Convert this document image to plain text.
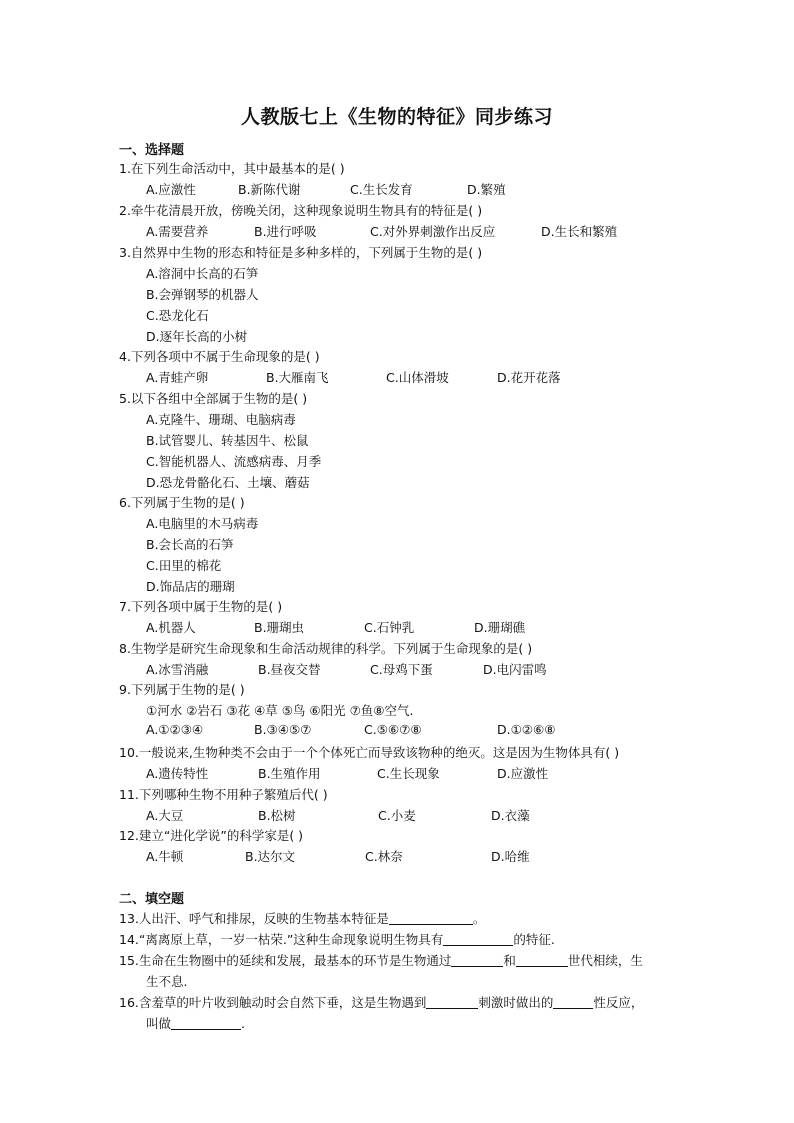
人教版七上《生物的特征》同步练习
一、选择题
1.在下列生命活动中，其中最基本的是( )
A.应激性	B.新陈代谢	C.生长发育	D.繁殖
2.牵牛花清晨开放，傍晚关闭，这种现象说明生物具有的特征是( )
A.需要营养	B.进行呼吸	C.对外界刺激作出反应	D.生长和繁殖
3.自然界中生物的形态和特征是多种多样的，下列属于生物的是( )
A.溶洞中长高的石笋
B.会弹钢琴的机器人
C.恐龙化石
D.逐年长高的小树
4.下列各项中不属于生命现象的是( )
A.青蛙产卵	B.大雁南飞	C.山体滑坡	D.花开花落
5.以下各组中全部属于生物的是( )
A.克隆牛、珊瑚、电脑病毒
B.试管婴儿、转基因牛、松鼠
C.智能机器人、流感病毒、月季
D.恐龙骨骼化石、土壤、蘑菇
6.下列属于生物的是( )
A.电脑里的木马病毒
B.会长高的石笋
C.田里的棉花
D.饰品店的珊瑚
7.下列各项中属于生物的是( )
A.机器人	B.珊瑚虫	C.石钟乳	D.珊瑚礁
8.生物学是研究生命现象和生命活动规律的科学。下列属于生命现象的是( )
A.冰雪消融	B.昼夜交替	C.母鸡下蛋	D.电闪雷鸣
9.下列属于生物的是( )
①河水 ②岩石 ③花 ④草 ⑤鸟 ⑥阳光 ⑦鱼⑧空气.
A.①②③④	B.③④⑤⑦	C.⑤⑥⑦⑧	D.①②⑥⑧
10.一般说来,生物种类不会由于一个个体死亡而导致该物种的绝灭。这是因为生物体具有( )
A.遗传特性	B.生殖作用	C.生长现象	D.应激性
11.下列哪种生物不用种子繁殖后代( )
A.大豆	B.松树	C.小麦	D.衣藻
12.建立“进化学说”的科学家是( )
A.牛顿	B.达尔文	C.林奈	D.哈维
二、填空题
13.人出汗、呼气和排尿，反映的生物基本特征是	。
14.“离离原上草，一岁一枯荣.”这种生命现象说明生物具有	的特征.
15.生命在生物圈中的延续和发展，最基本的环节是生物通过	和	世代相续，生
生不息.
16.含羞草的叶片收到触动时会自然下垂，这是生物遇到	刺激时做出的	性反应，
叫做	.
